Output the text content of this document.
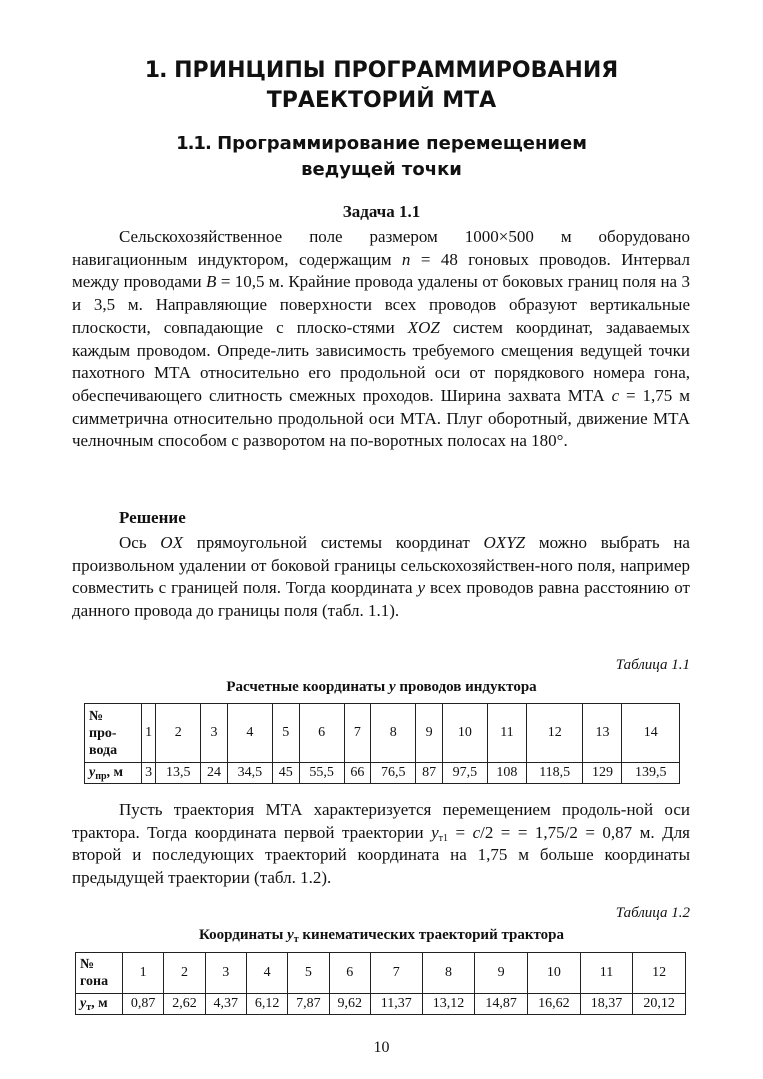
1. ПРИНЦИПЫ ПРОГРАММИРОВАНИЯ
ТРАЕКТОРИЙ МТА
1.1. Программирование перемещением
ведущей точки
Задача 1.1

Сельскохозяйственное поле размером 1000×500 м оборудовано навигационным индуктором, содержащим n = 48 гоновых проводов. Интервал между проводами B = 10,5 м. Крайние провода удалены от боковых границ поля на 3 и 3,5 м. Направляющие поверхности всех проводов образуют вертикальные плоскости, совпадающие с плоско-стями XOZ систем координат, задаваемых каждым проводом. Опреде-лить зависимость требуемого смещения ведущей точки пахотного МТА относительно его продольной оси от порядкового номера гона, обеспечивающего слитность смежных проходов. Ширина захвата МТА c = 1,75 м симметрична относительно продольной оси МТА. Плуг оборотный, движение МТА челночным способом с разворотом на по-воротных полосах на 180°.

Решение

Ось OX прямоугольной системы координат OXYZ можно выбрать на произвольном удалении от боковой границы сельскохозяйствен-ного поля, например совместить с границей поля. Тогда координата y всех проводов равна расстоянию от данного провода до границы поля (табл. 1.1).

Таблица 1.1
Расчетные координаты y проводов индуктора
№
про-
вода	1	2	3	4	5	6	7	8	9	10	11	12	13	14
$y_{пр}$, м	3	13,5	24	34,5	45	55,5	66	76,5	87	97,5	108	118,5	129	139,5

Пусть траектория МТА характеризуется перемещением продоль-ной оси трактора. Тогда координата первой траектории $y_{т1} = c/2$ = = 1,75/2 = 0,87 м. Для второй и последующих траекторий координата на 1,75 м больше координаты предыдущей траектории (табл. 1.2).

Таблица 1.2
Координаты $y_т$ кинематических траекторий трактора
№
гона	1	2	3	4	5	6	7	8	9	10	11	12
$y_т$, м	0,87	2,62	4,37	6,12	7,87	9,62	11,37	13,12	14,87	16,62	18,37	20,12
10
